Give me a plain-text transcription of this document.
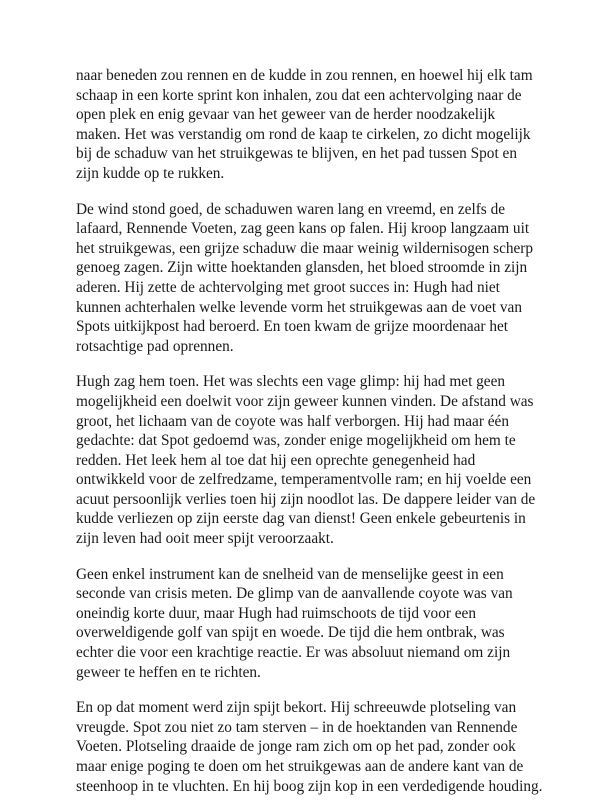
naar beneden zou rennen en de kudde in zou rennen, en hoewel hij elk tam
schaap in een korte sprint kon inhalen, zou dat een achtervolging naar de
open plek en enig gevaar van het geweer van de herder noodzakelijk
maken. Het was verstandig om rond de kaap te cirkelen, zo dicht mogelijk
bij de schaduw van het struikgewas te blijven, en het pad tussen Spot en
zijn kudde op te rukken.

De wind stond goed, de schaduwen waren lang en vreemd, en zelfs de
lafaard, Rennende Voeten, zag geen kans op falen. Hij kroop langzaam uit
het struikgewas, een grijze schaduw die maar weinig wildernisogen scherp
genoeg zagen. Zijn witte hoektanden glansden, het bloed stroomde in zijn
aderen. Hij zette de achtervolging met groot succes in: Hugh had niet
kunnen achterhalen welke levende vorm het struikgewas aan de voet van
Spots uitkijkpost had beroerd. En toen kwam de grijze moordenaar het
rotsachtige pad oprennen.

Hugh zag hem toen. Het was slechts een vage glimp: hij had met geen
mogelijkheid een doelwit voor zijn geweer kunnen vinden. De afstand was
groot, het lichaam van de coyote was half verborgen. Hij had maar één
gedachte: dat Spot gedoemd was, zonder enige mogelijkheid om hem te
redden. Het leek hem al toe dat hij een oprechte genegenheid had
ontwikkeld voor de zelfredzame, temperamentvolle ram; en hij voelde een
acuut persoonlijk verlies toen hij zijn noodlot las. De dappere leider van de
kudde verliezen op zijn eerste dag van dienst! Geen enkele gebeurtenis in
zijn leven had ooit meer spijt veroorzaakt.

Geen enkel instrument kan de snelheid van de menselijke geest in een
seconde van crisis meten. De glimp van de aanvallende coyote was van
oneindig korte duur, maar Hugh had ruimschoots de tijd voor een
overweldigende golf van spijt en woede. De tijd die hem ontbrak, was
echter die voor een krachtige reactie. Er was absoluut niemand om zijn
geweer te heffen en te richten.

En op dat moment werd zijn spijt bekort. Hij schreeuwde plotseling van
vreugde. Spot zou niet zo tam sterven – in de hoektanden van Rennende
Voeten. Plotseling draaide de jonge ram zich om op het pad, zonder ook
maar enige poging te doen om het struikgewas aan de andere kant van de
steenhoop in te vluchten. En hij boog zijn kop in een verdedigende houding.
